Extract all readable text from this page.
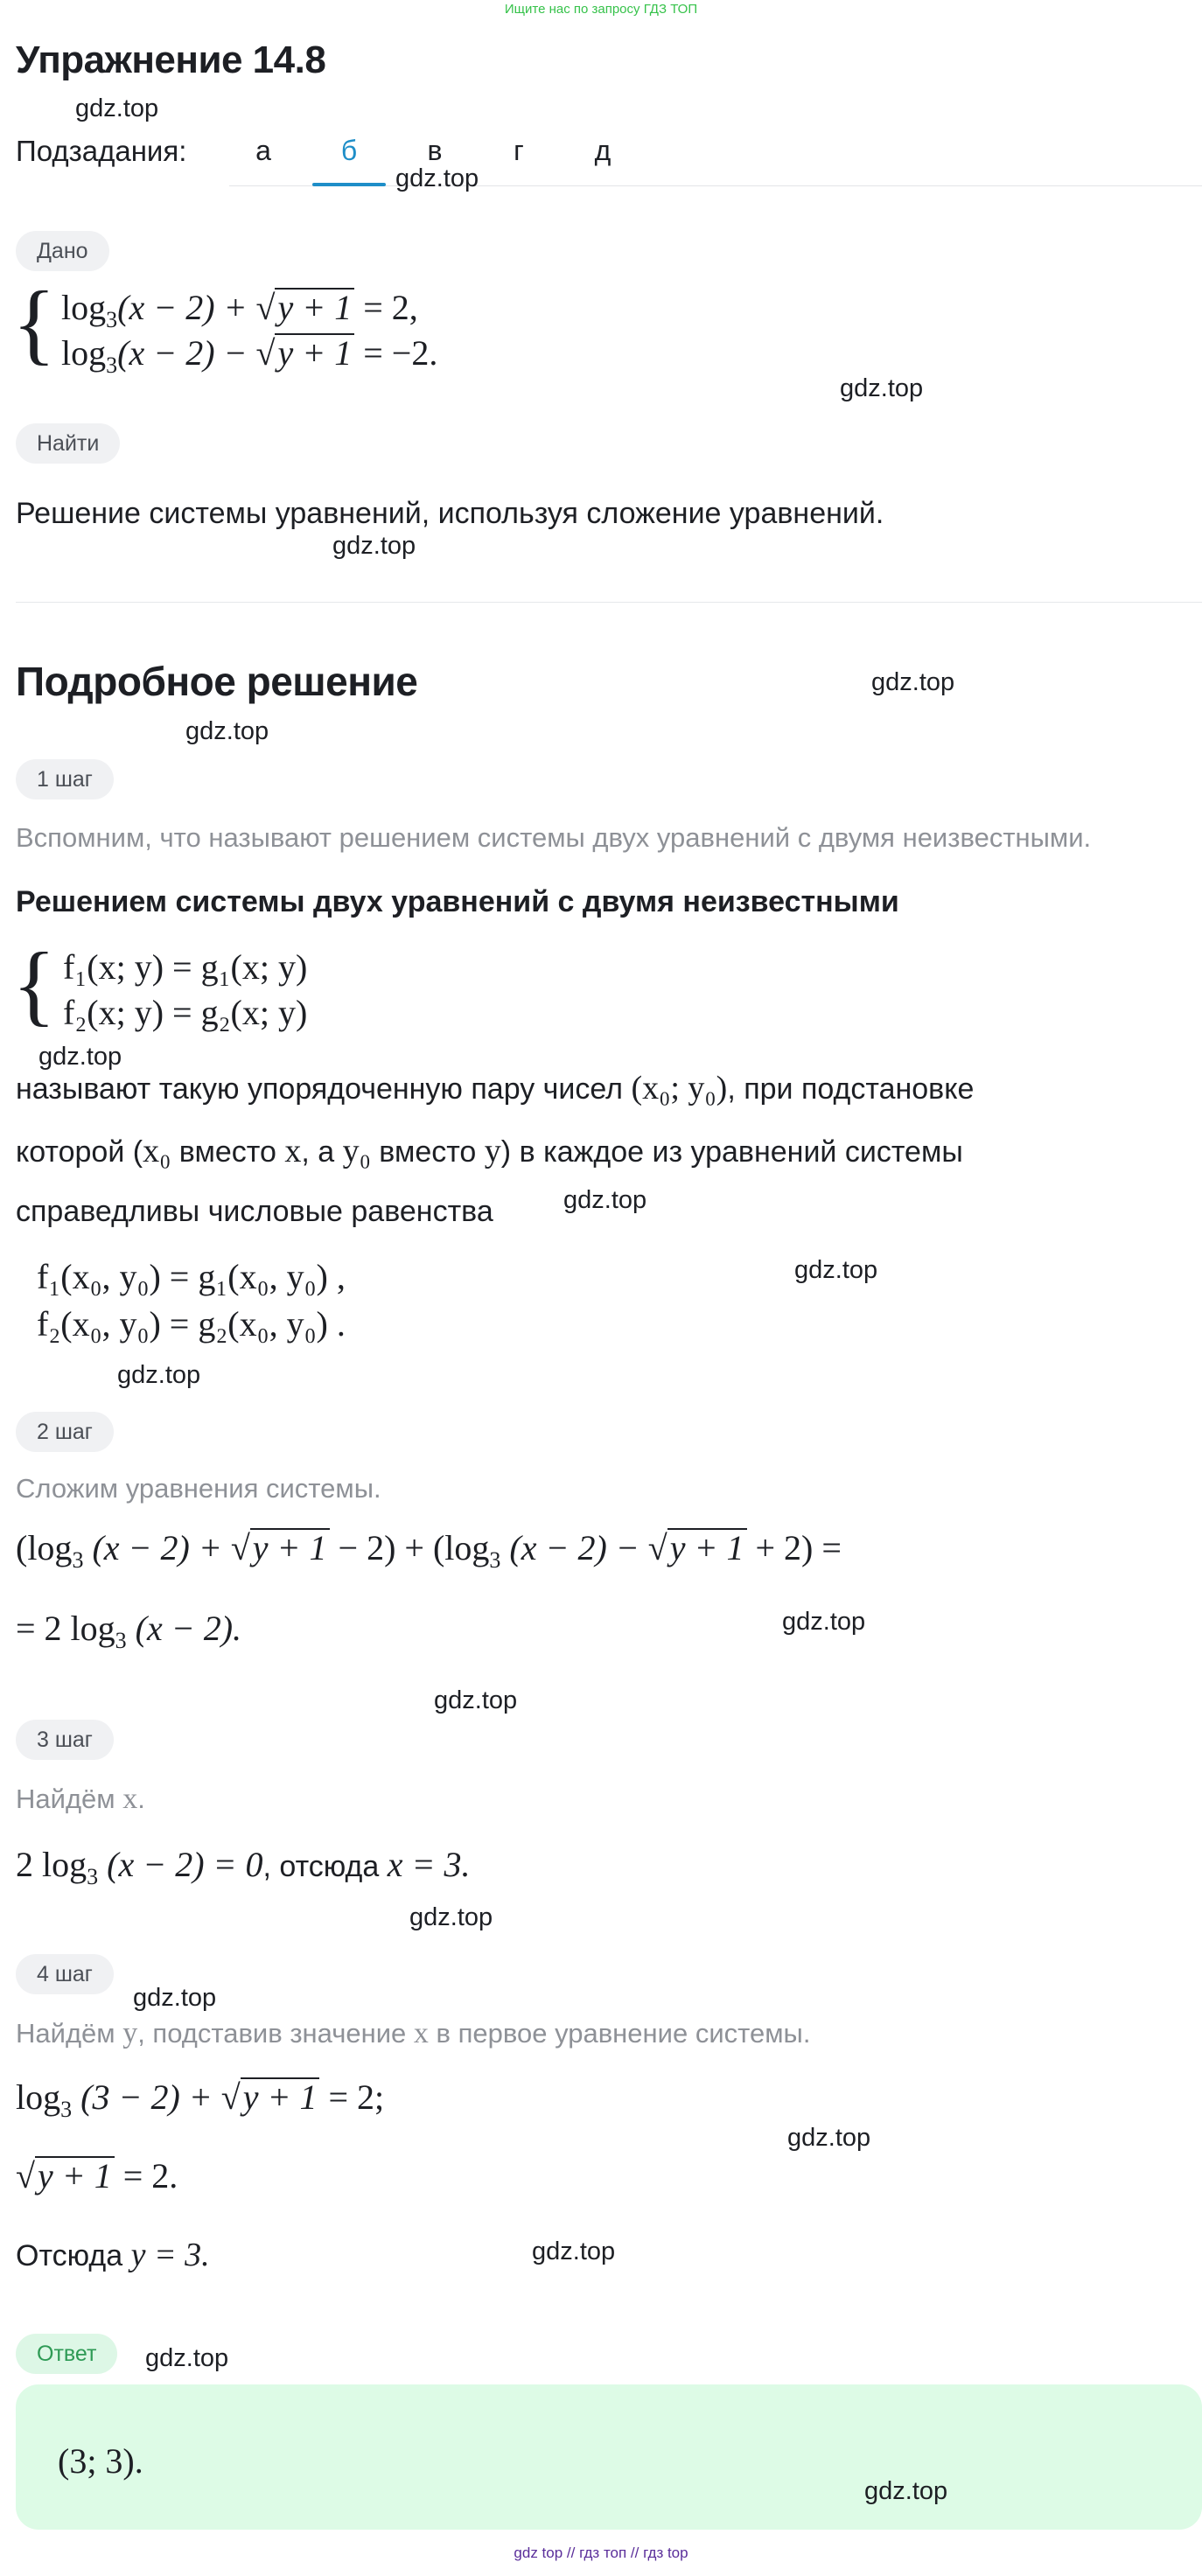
Ищите нас по запросу ГДЗ ТОП
Упражнение 14.8
gdz.top
Подзадания:	а	б	в	г	д
gdz.top
Дано
{ $\log_3(x - 2) + √y + 1 = 2$,
$\log_3(x - 2) - √y + 1 = -2$.
gdz.top
Найти
Решение системы уравнений, используя сложение уравнений.
gdz.top
Подробное решение	gdz.top
gdz.top
1 шаг
Вспомним, что называют решением системы двух уравнений с двумя неизвестными.
Решением системы двух уравнений с двумя неизвестными
{ f₁(x; y) = g₁(x; y)
f₂(x; y) = g₂(x; y)
gdz.top
называют такую упорядоченную пару чисел (x₀; y₀), при подстановке
которой (x₀ вместо x, а y₀ вместо y) в каждое из уравнений системы
справедливы числовые равенства	gdz.top
f₁(x₀, y₀) = g₁(x₀, y₀) ,
f₂(x₀, y₀) = g₂(x₀, y₀) .
gdz.top
gdz.top
2 шаг
Сложим уравнения системы.
($\log_3$ $(x - 2) + √y + 1 - 2) + (\log_3$ (x − 2) − √y + 1 + 2) =
= 2 $\log_3 (x - 2)$.	gdz.top
gdz.top
3 шаг
Найдём x.
2 $\log_3 (x - 2) = 0$, отсюда x = 3.
gdz.top
4 шаг
gdz.top
Найдём y, подставив значение x в первое уравнение системы.
$\log_3 (3 - 2) + √y + 1 = 2$;
gdz.top
√y + 1 = 2.
Отсюда y = 3.	gdz.top
Ответ	gdz.top
(3; 3).
gdz.top
gdz top // гдз топ // гдз top
